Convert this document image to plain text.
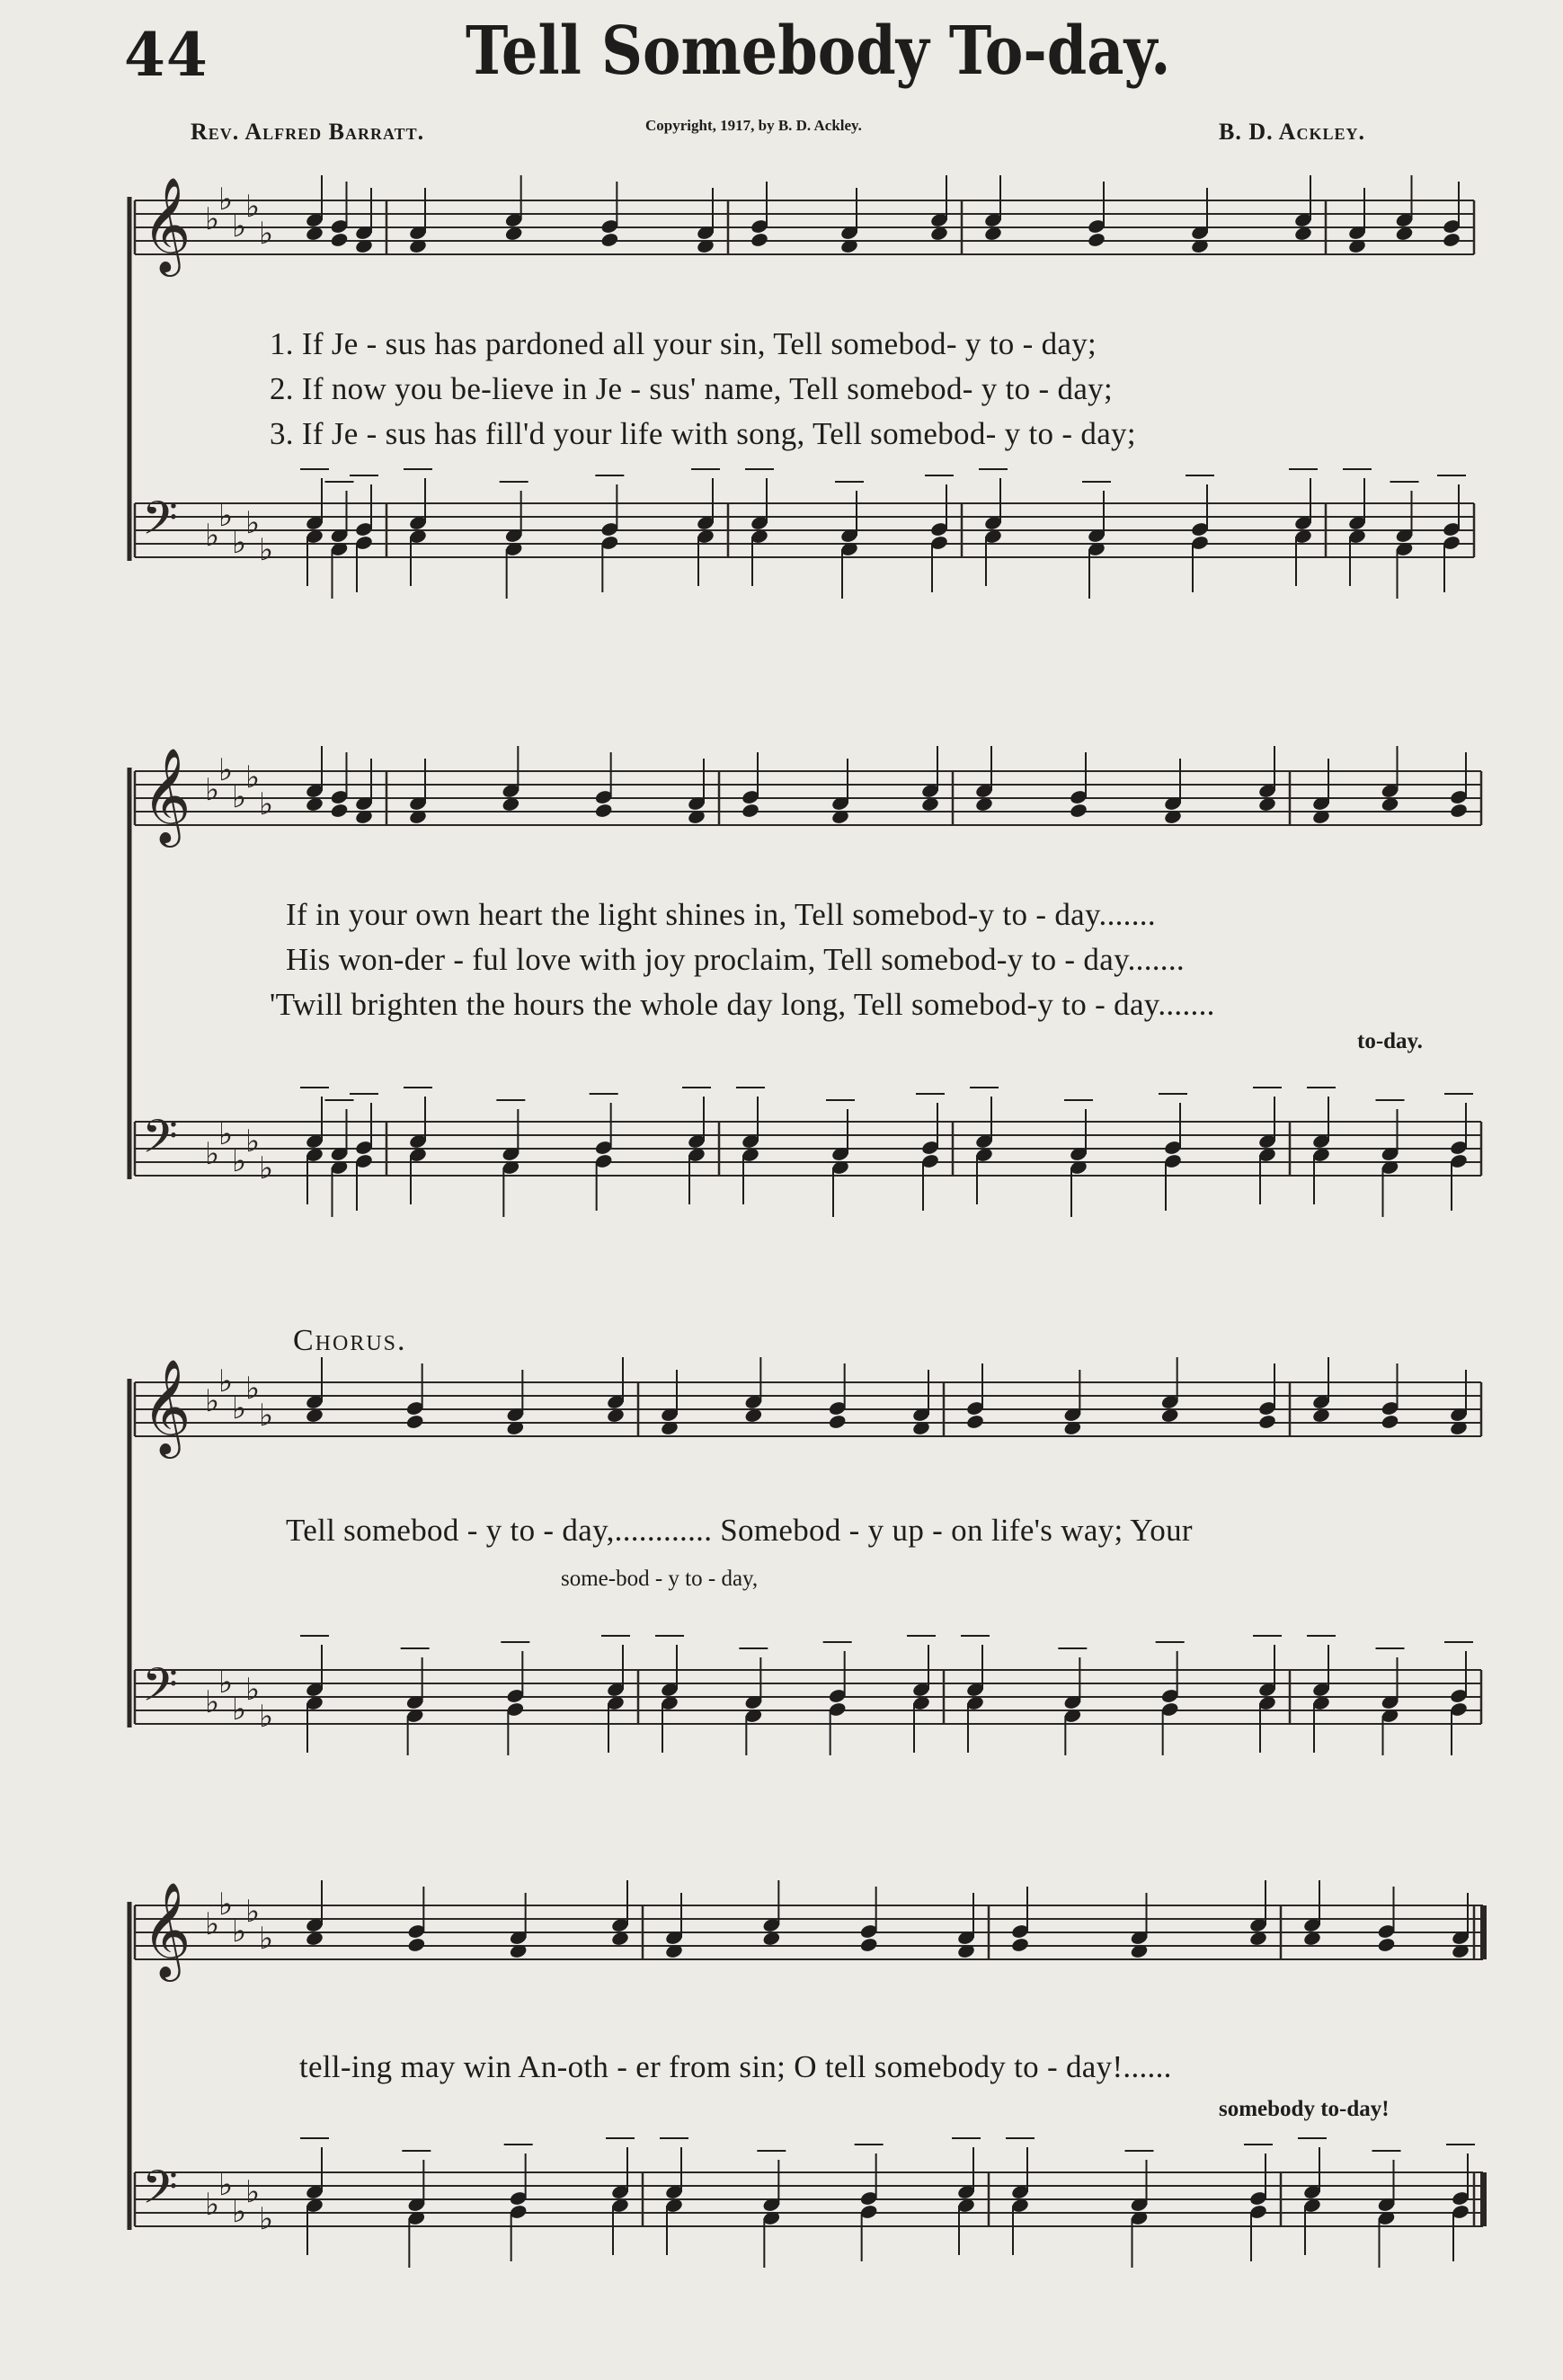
44	Tell Somebody To-day.
Rev. Alfred Barratt.	Copyright, 1917, by B. D. Ackley.	B. D. Ackley.
𝄞 ♭
♭
♭
♭
♭
𝄢 ♭
♭
♭
♭
♭
1. If Je - sus has pardoned all your sin, Tell somebod- y to - day;
2. If now you be-lieve in Je - sus' name, Tell somebod- y to - day;
3. If Je - sus has fill'd your life with song, Tell somebod- y to - day;
𝄞 ♭
♭
♭
♭
♭
𝄢 ♭
♭
♭
♭
♭
If in your own heart the light shines in, Tell somebod-y to - day.......
His won-der - ful love with joy proclaim, Tell somebod-y to - day.......
'Twill brighten the hours the whole day long, Tell somebod-y to - day.......
to-day.
Chorus.
𝄞 ♭
♭
♭
♭
♭
𝄢 ♭
♭
♭
♭
♭
Tell somebod - y to - day,............ Somebod - y up - on life's way; Your
some-bod - y to - day,
𝄞 ♭
♭
♭
♭
♭
𝄢 ♭
♭
♭
♭
♭
tell-ing may win An-oth - er from sin; O tell somebody to - day!......
somebody to-day!
